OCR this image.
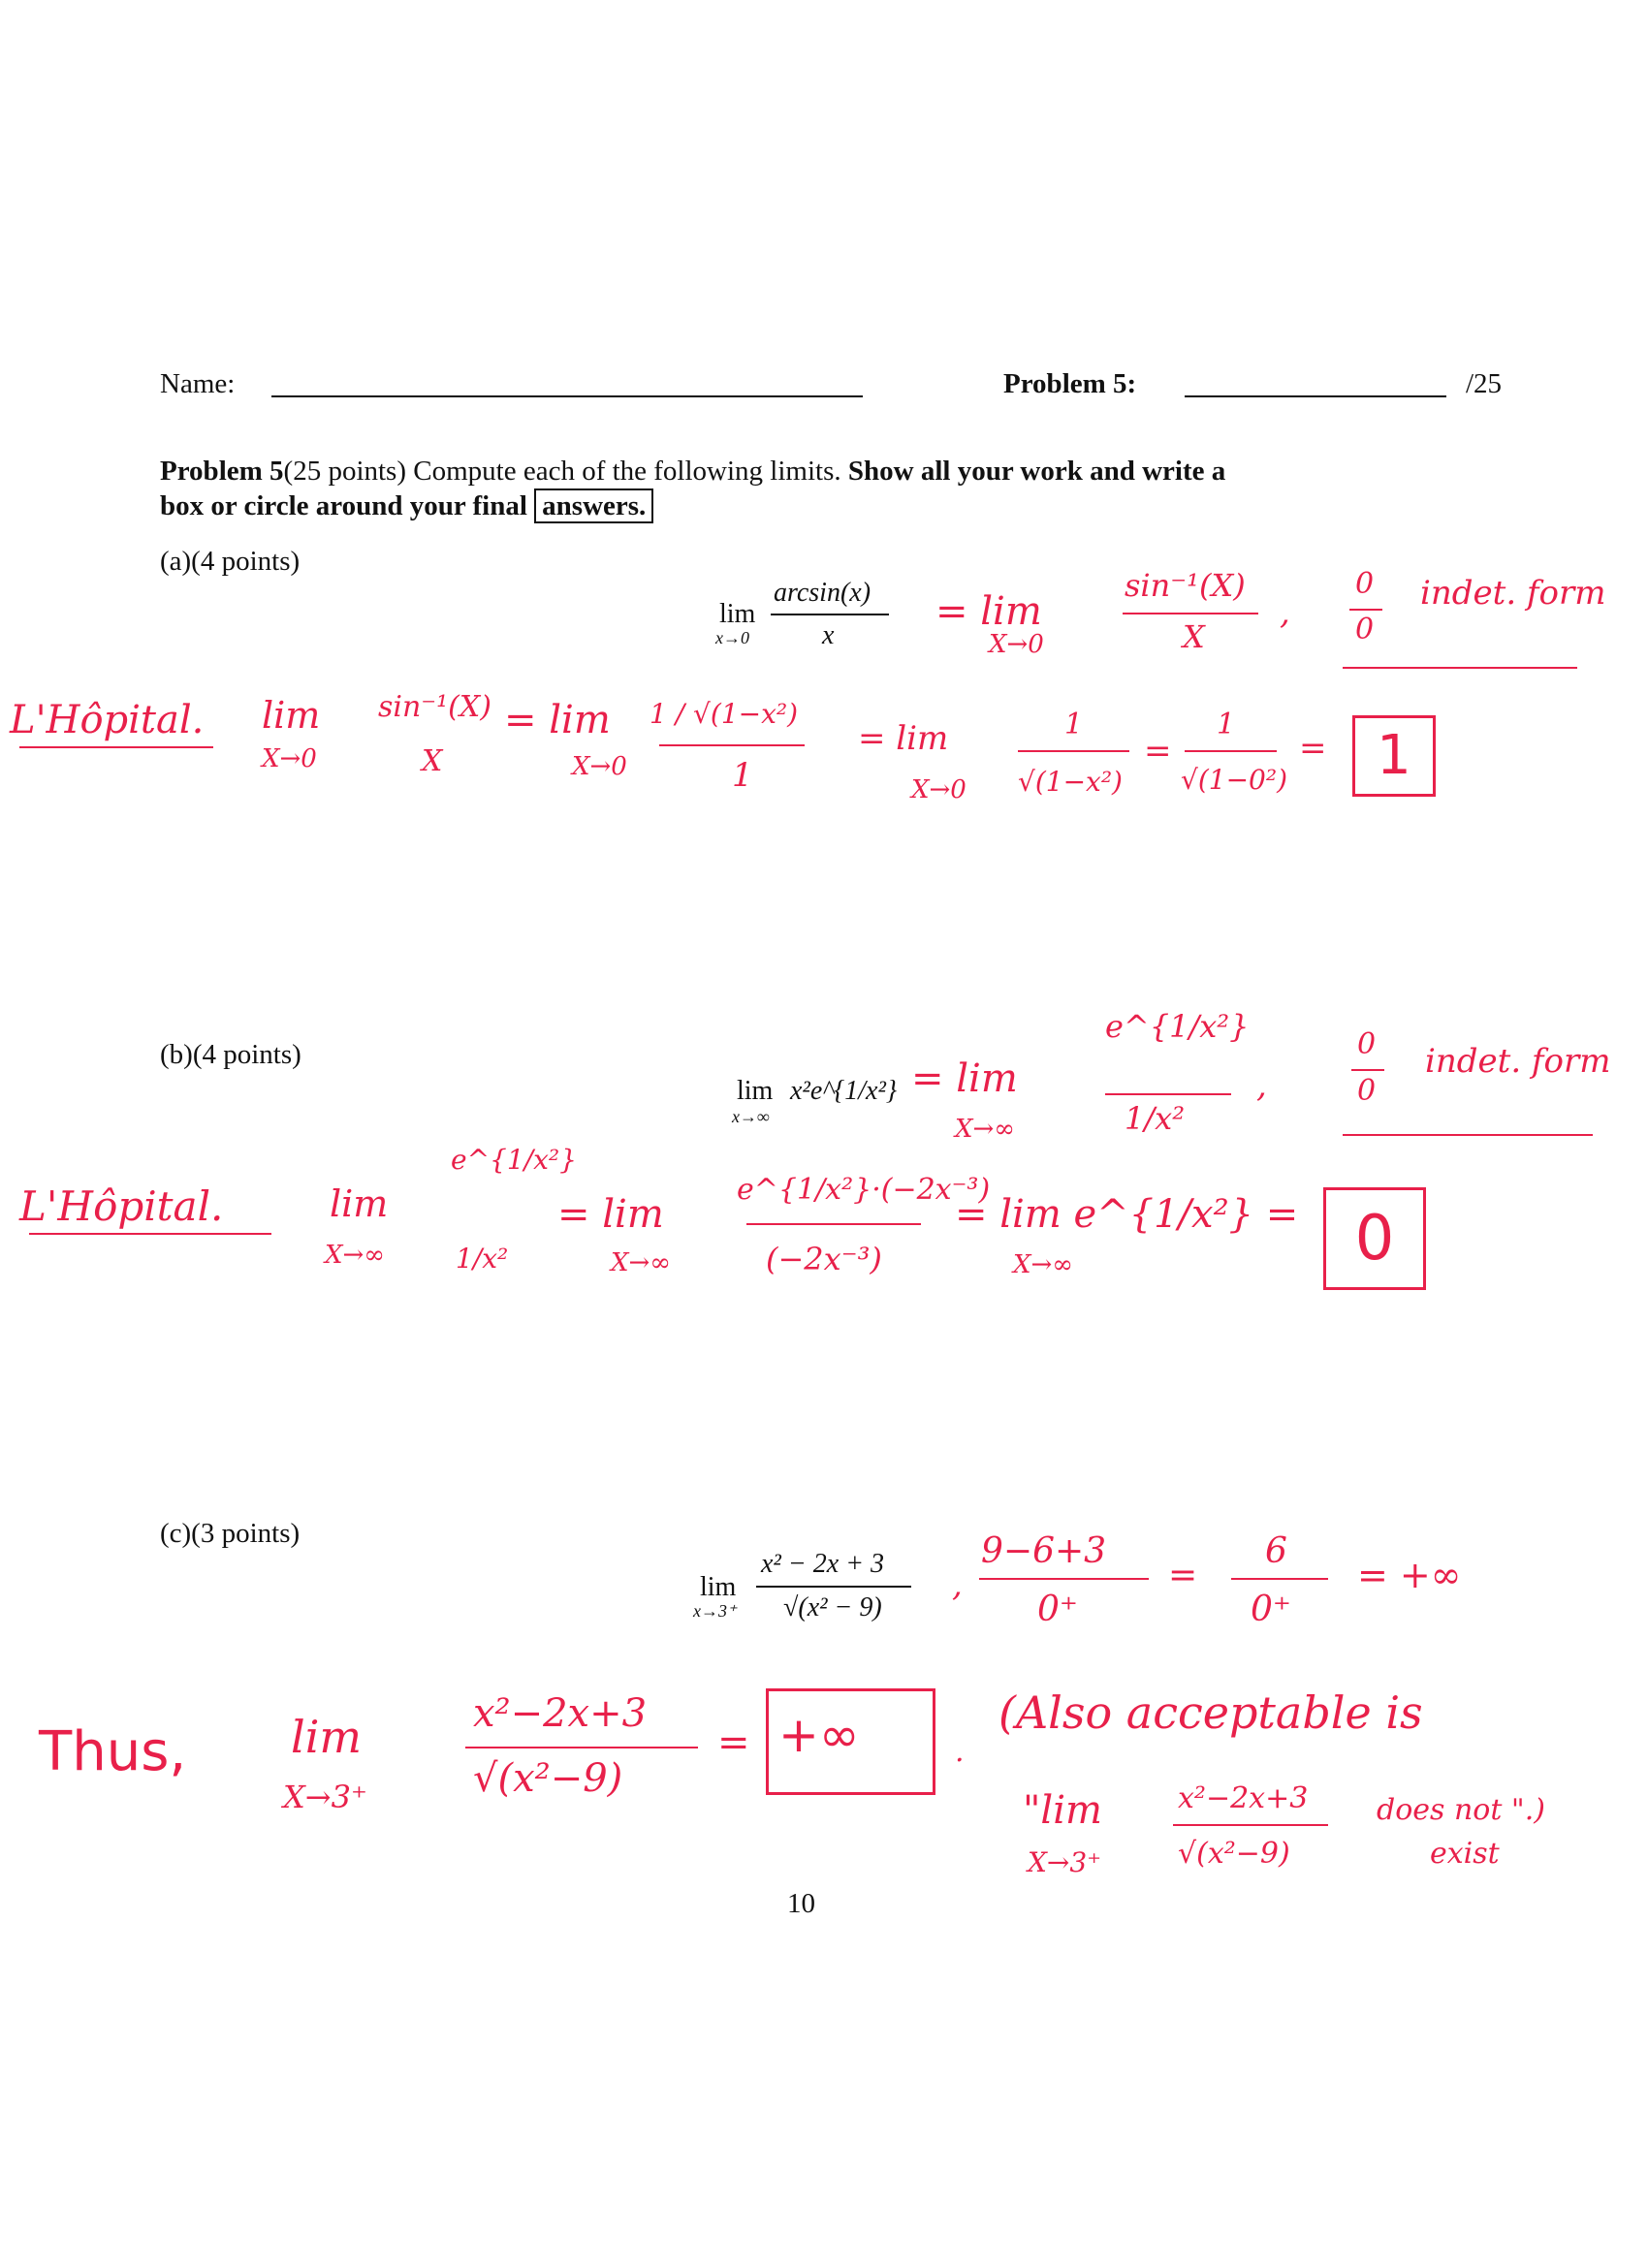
Name:	Problem 5:	/25
Problem 5(25 points) Compute each of the following limits. Show all your work and write a
box or circle around your final answers.
(a)(4 points)
lim
x→0
arcsin(x)
x
= lim
X→0
sin⁻¹(X)
X
,
0
0
indet. form
L'Hôpital. lim
X→0
sin⁻¹(X)
X
= lim
X→0
1 / √(1−x²)
1
= lim
X→0
1
√(1−x²)
=
1
√(1−0²)
= 1
(b)(4 points)
lim
x→∞
x²e^{1/x²} = lim
X→∞
e^{1/x²}
1/x²
,
0
0
indet. form
L'Hôpital.	lim
X→∞
e^{1/x²}
1/x²
= lim
X→∞
e^{1/x²}·(−2x⁻³)
(−2x⁻³)
= lim e^{1/x²} =
X→∞	0
(c)(3 points)
lim
x→3⁺
x² − 2x + 3
√(x² − 9)
,
9−6+3
0⁺
=
6
0⁺
= +∞
Thus, lim
X→3⁺
x²−2x+3
√(x²−9)
= +∞	.
(Also acceptable is
"lim
X→3⁺
x²−2x+3
√(x²−9)
does not ".)
exist
10
